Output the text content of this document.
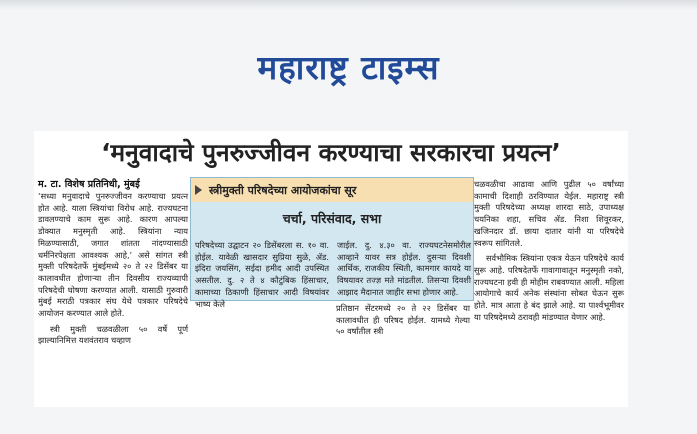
महाराष्ट्र टाइम्स
‘मनुवादाचे पुनरुज्जीवन करण्याचा सरकारचा प्रयत्न’
म. टा. विशेष प्रतिनिधी, मुंबई

‘सध्या मनुवादाचे पुनरुज्जीवन करण्याचा प्रयत्न होत आहे. याला स्त्रियांचा विरोध आहे. राज्यघटना डावलण्याचे काम सुरू आहे. कारण आपल्या डोक्यात मनुस्मृती आहे. स्त्रियांना न्याय मिळण्यासाठी, जगात शांतता नांदण्यासाठी धर्मनिरपेक्षता आवश्यक आहे,’ असे सांगत स्त्री मुक्ती परिषदेतर्फे मुंबईमध्ये २० ते २२ डिसेंबर या कालावधीत होणाऱ्या तीन दिवसीय राज्यव्यापी परिषदेची घोषणा करण्यात आली. यासाठी गुरुवारी मुंबई मराठी पत्रकार संघ येथे पत्रकार परिषदेचे आयोजन करण्यात आले होते.

स्त्री मुक्ती चळवळीला ५० वर्षे पूर्ण झाल्यानिमित्त यशवंतराव चव्हाण

स्त्रीमुक्ती परिषदेच्या आयोजकांचा सूर
चर्चा, परिसंवाद, सभा
परिषदेच्या उद्घाटन २० डिसेंबरला स. १० वा. होईल. यावेळी खासदार सुप्रिया सुळे, ॲड. इंदिरा जयसिंग, सईदा हमीद आदी उपस्थित असतील. दु. २ ते ४ कौटुंबिक हिंसाचार, कामाच्या ठिकाणी हिंसाचार आदी विषयांवर भाष्य केले
जाईल. दु. ४.३० वा. राज्यघटनेसमोरील आव्हाने यावर सत्र होईल. दुसऱ्या दिवशी आर्थिक, राजकीय स्थिती, कामगार कायदे या विषयावर तज्ज्ञ मते मांडतील. तिसऱ्या दिवशी आझाद मैदानात जाहीर सभा होणार आहे.
प्रतिष्ठान सेंटरमध्ये २० ते २२ डिसेंबर या कालावधीत ही परिषद होईल. यामध्ये गेल्या ५० वर्षांतील स्त्री

चळवळीचा आढावा आणि पुढील ५० वर्षांच्या कामाची दिशाही ठरविण्यात येईल. महाराष्ट्र स्त्री मुक्ती परिषदेच्या अध्यक्ष शारदा साठे, उपाध्यक्ष चयनिका शहा, सचिव ॲड. निशा शिवूरकर, खजिनदार डॉ. छाया दातार यांनी या परिषदेचे स्वरूप सांगितले.

सर्वभौमिक स्त्रियांना एकत्र येऊन परिषदेचे कार्य सुरू आहे. परिषदेतर्फे गावागावातून मनुस्मृती नको, राज्यघटना हवी ही मोहीम राबवण्यात आली. महिला आयोगाचे कार्य अनेक संस्थांना सोबत घेऊन सुरू होते. मात्र आता हे बंद झाले आहे. या पार्श्वभूमीवर या परिषदेमध्ये ठरावही मांडण्यात येणार आहे.
